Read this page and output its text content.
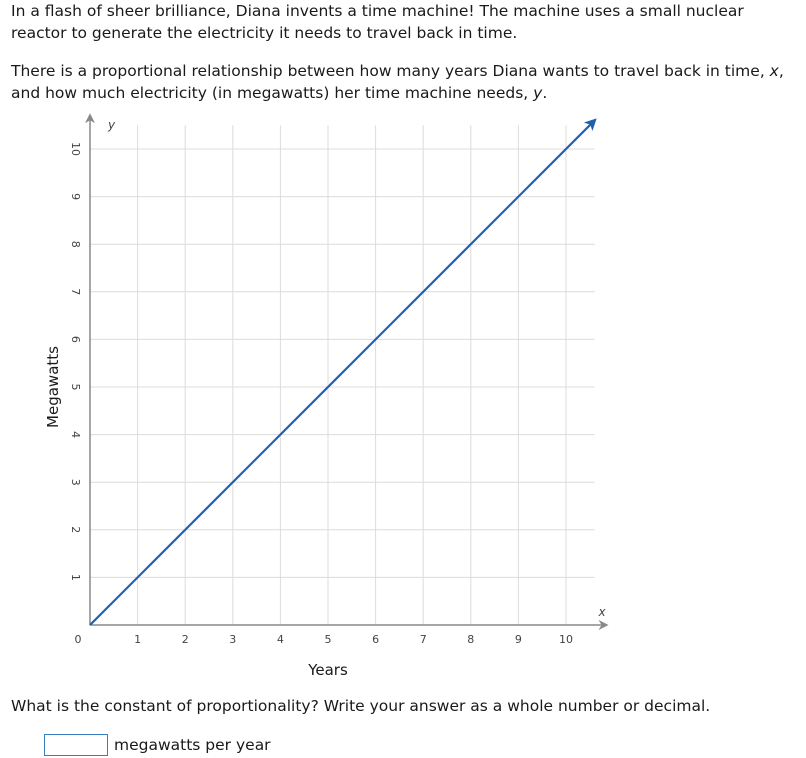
In a flash of sheer brilliance, Diana invents a time machine! The machine uses a small nuclear reactor to generate the electricity it needs to travel back in time.

There is a proportional relationship between how many years Diana wants to travel back in time, x, and how much electricity (in megawatts) her time machine needs, y.

1	2	3	4	5	6	7	8	9	10
1
2
3
4
5
6
7
8
9
10
Years
Megawatts
x
y
0

What is the constant of proportionality? Write your answer as a whole number or decimal.

megawatts per year
